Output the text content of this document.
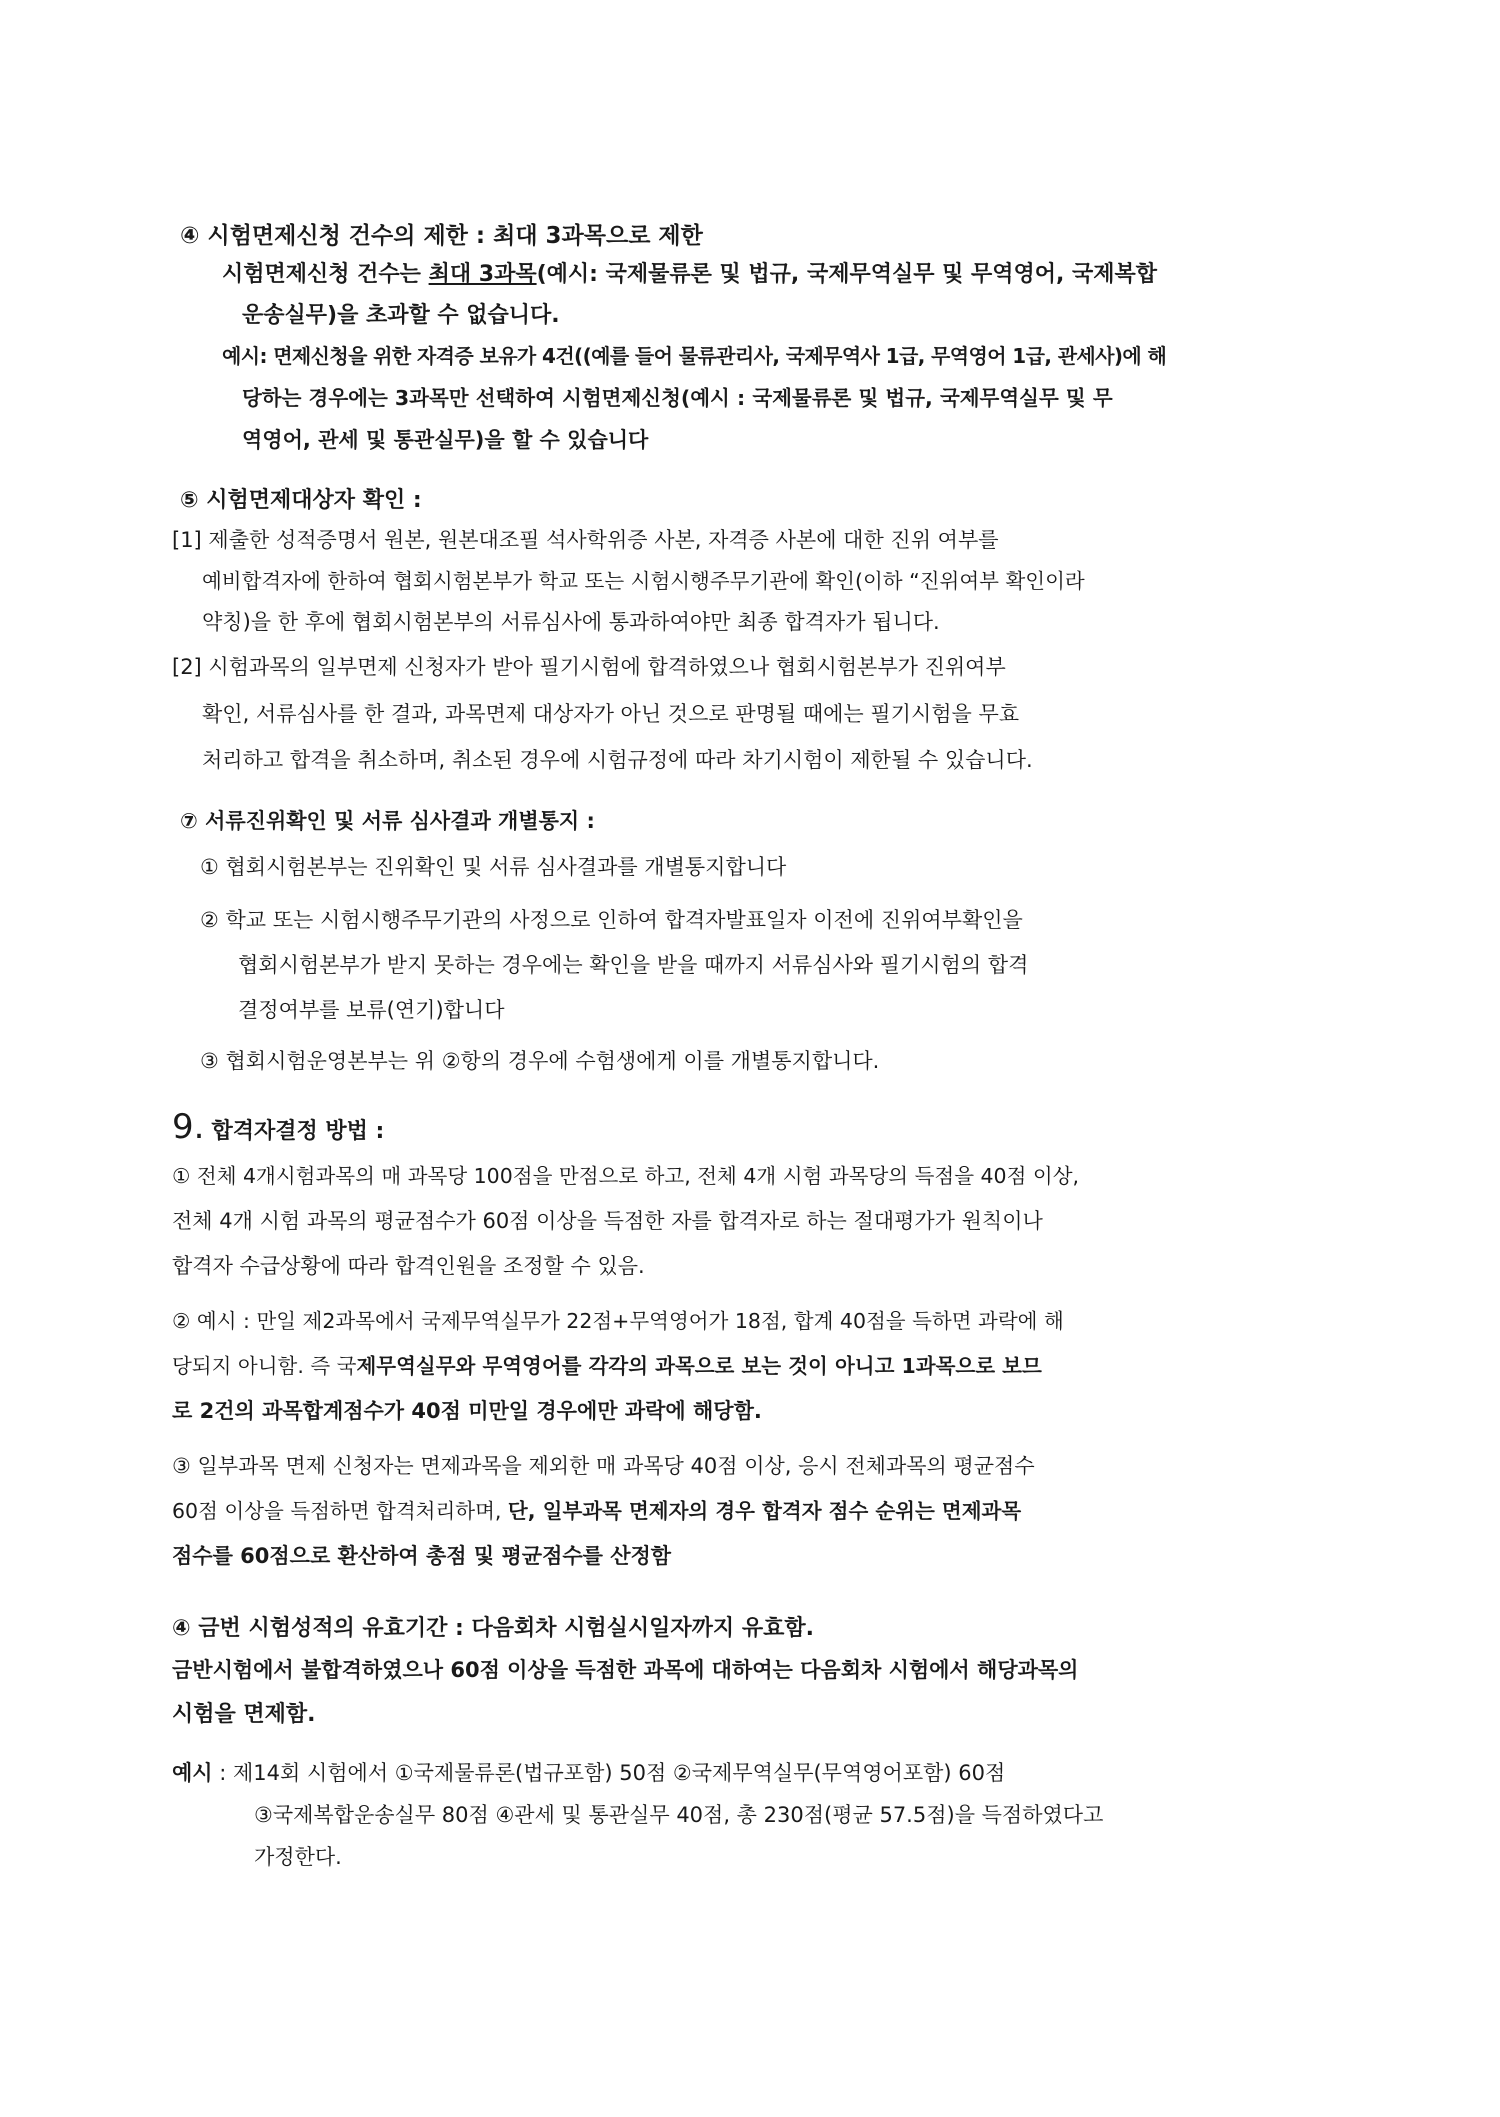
④ 시험면제신청 건수의 제한 : 최대 3과목으로 제한
시험면제신청 건수는 최대 3과목(예시: 국제물류론 및 법규, 국제무역실무 및 무역영어, 국제복합
운송실무)을 초과할 수 없습니다.
예시: 면제신청을 위한 자격증 보유가 4건((예를 들어 물류관리사, 국제무역사 1급, 무역영어 1급, 관세사)에 해
당하는 경우에는 3과목만 선택하여 시험면제신청(예시 : 국제물류론 및 법규, 국제무역실무 및 무
역영어, 관세 및 통관실무)을 할 수 있습니다
⑤ 시험면제대상자 확인 :
[1] 제출한 성적증명서 원본, 원본대조필 석사학위증 사본, 자격증 사본에 대한 진위 여부를
예비합격자에 한하여 협회시험본부가 학교 또는 시험시행주무기관에 확인(이하 “진위여부 확인이라
약칭)을 한 후에 협회시험본부의 서류심사에 통과하여야만 최종 합격자가 됩니다.
[2] 시험과목의 일부면제 신청자가 받아 필기시험에 합격하였으나 협회시험본부가 진위여부
확인, 서류심사를 한 결과, 과목면제 대상자가 아닌 것으로 판명될 때에는 필기시험을 무효
처리하고 합격을 취소하며, 취소된 경우에 시험규정에 따라 차기시험이 제한될 수 있습니다.
⑦ 서류진위확인 및 서류 심사결과 개별통지 :
① 협회시험본부는 진위확인 및 서류 심사결과를 개별통지합니다
② 학교 또는 시험시행주무기관의 사정으로 인하여 합격자발표일자 이전에 진위여부확인을
협회시험본부가 받지 못하는 경우에는 확인을 받을 때까지 서류심사와 필기시험의 합격
결정여부를 보류(연기)합니다
③ 협회시험운영본부는 위 ②항의 경우에 수험생에게 이를 개별통지합니다.
9. 합격자결정 방법 :
① 전체 4개시험과목의 매 과목당 100점을 만점으로 하고, 전체 4개 시험 과목당의 득점을 40점 이상,
전체 4개 시험 과목의 평균점수가 60점 이상을 득점한 자를 합격자로 하는 절대평가가 원칙이나
합격자 수급상황에 따라 합격인원을 조정할 수 있음.
② 예시 : 만일 제2과목에서 국제무역실무가 22점+무역영어가 18점, 합계 40점을 득하면 과락에 해
당되지 아니함. 즉 국제무역실무와 무역영어를 각각의 과목으로 보는 것이 아니고 1과목으로 보므
로 2건의 과목합계점수가 40점 미만일 경우에만 과락에 해당함.
③ 일부과목 면제 신청자는 면제과목을 제외한 매 과목당 40점 이상, 응시 전체과목의 평균점수
60점 이상을 득점하면 합격처리하며, 단, 일부과목 면제자의 경우 합격자 점수 순위는 면제과목
점수를 60점으로 환산하여 총점 및 평균점수를 산정함
④ 금번 시험성적의 유효기간 : 다음회차 시험실시일자까지 유효함.
금반시험에서 불합격하였으나 60점 이상을 득점한 과목에 대하여는 다음회차 시험에서 해당과목의
시험을 면제함.
예시 : 제14회 시험에서 ①국제물류론(법규포함) 50점 ②국제무역실무(무역영어포함) 60점
③국제복합운송실무 80점 ④관세 및 통관실무 40점, 총 230점(평균 57.5점)을 득점하였다고
가정한다.
